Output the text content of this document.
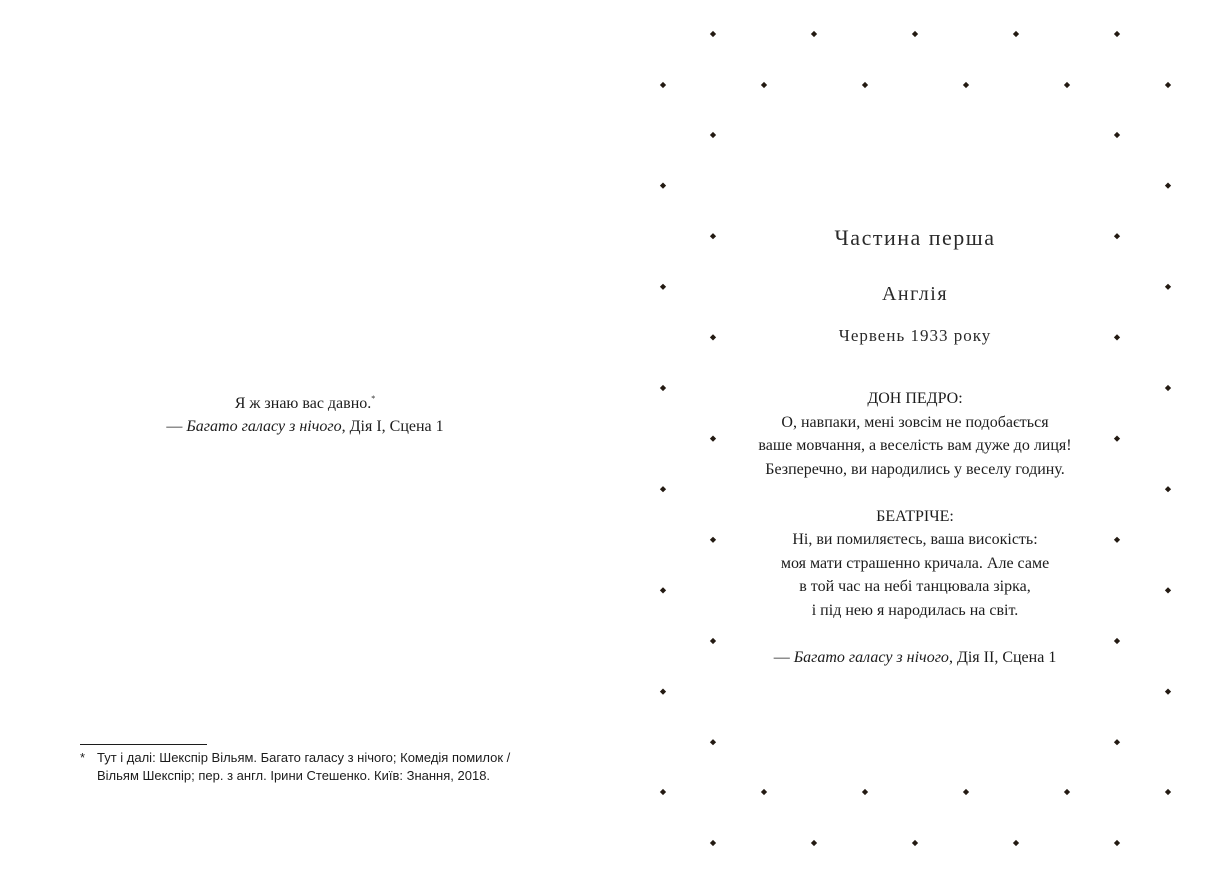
Я ж знаю вас давно.*
— Багато галасу з нічого, Дія I, Сцена 1
* Тут і далі: Шекспір Вільям. Багато галасу з нічого; Комедія помилок /
Вільям Шекспір; пер. з англ. Ірини Стешенко. Київ: Знання, 2018.
Частина перша
Англія
Червень 1933 року
ДОН ПЕДРО:
О, навпаки, мені зовсім не подобається
ваше мовчання, а веселість вам дуже до лиця!
Безперечно, ви народились у веселу годину.
БЕАТРІЧЕ:
Ні, ви помиляєтесь, ваша високість:
моя мати страшенно кричала. Але саме
в той час на небі танцювала зірка,
і під нею я народилась на світ.
— Багато галасу з нічого, Дія II, Сцена 1
